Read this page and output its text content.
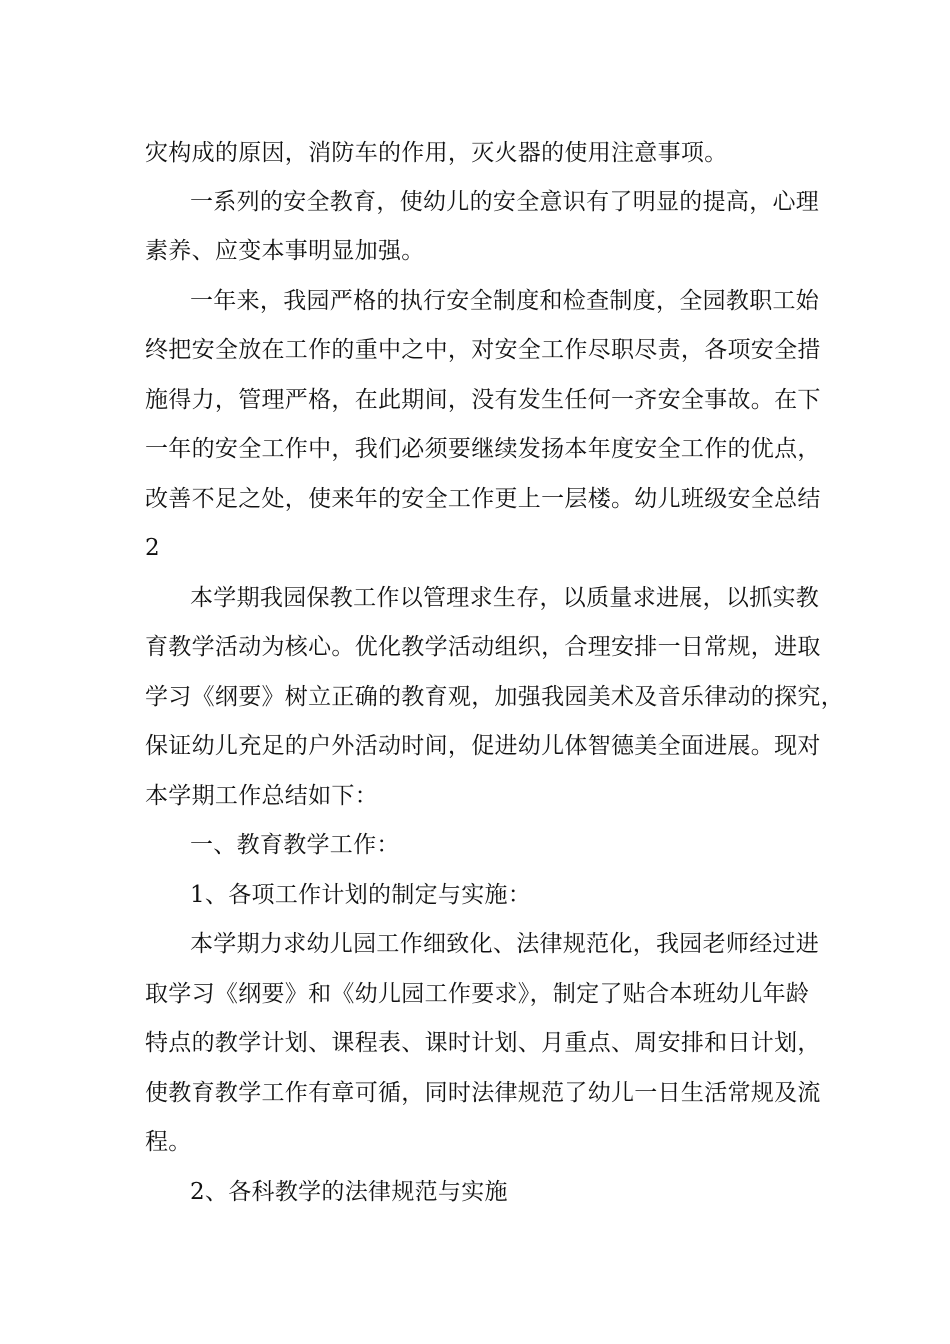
灾构成的原因，消防车的作用，灭火器的使用注意事项。
一系列的安全教育，使幼儿的安全意识有了明显的提高，心理
素养、应变本事明显加强。
一年来，我园严格的执行安全制度和检查制度，全园教职工始
终把安全放在工作的重中之中，对安全工作尽职尽责，各项安全措
施得力，管理严格，在此期间，没有发生任何一齐安全事故。在下
一年的安全工作中，我们必须要继续发扬本年度安全工作的优点，
改善不足之处，使来年的安全工作更上一层楼。幼儿班级安全总结
2
本学期我园保教工作以管理求生存，以质量求进展，以抓实教
育教学活动为核心。优化教学活动组织，合理安排一日常规，进取
学习《纲要》树立正确的教育观，加强我园美术及音乐律动的探究，
保证幼儿充足的户外活动时间，促进幼儿体智德美全面进展。现对
本学期工作总结如下：
一、教育教学工作：
1、各项工作计划的制定与实施：
本学期力求幼儿园工作细致化、法律规范化，我园老师经过进
取学习《纲要》和《幼儿园工作要求》，制定了贴合本班幼儿年龄
特点的教学计划、课程表、课时计划、月重点、周安排和日计划，
使教育教学工作有章可循，同时法律规范了幼儿一日生活常规及流
程。
2、各科教学的法律规范与实施
